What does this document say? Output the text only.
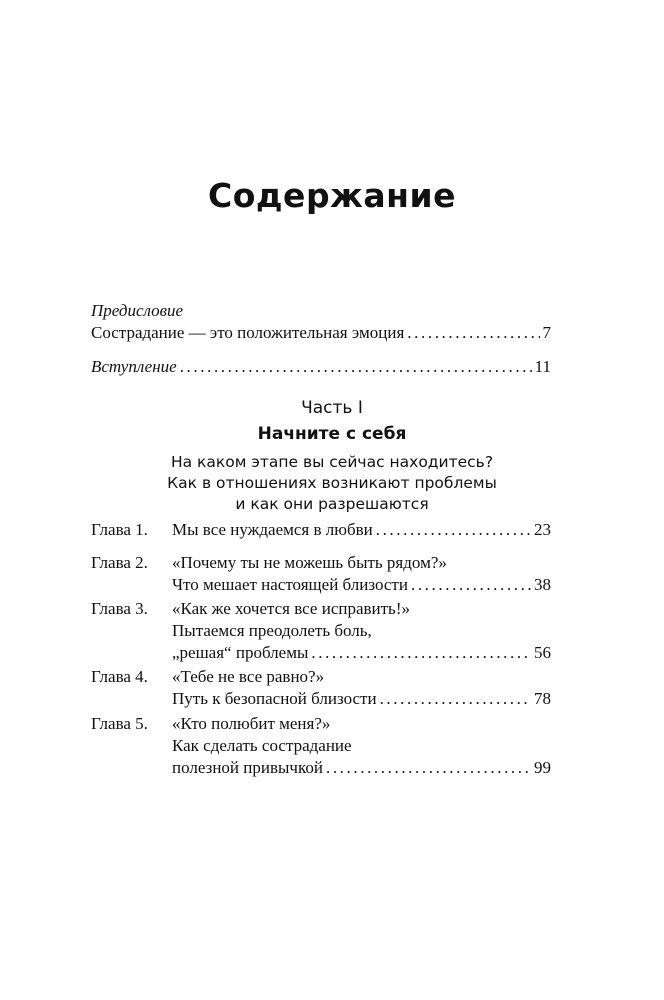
Содержание
Предисловие
Сострадание — это положительная эмоция .....	7
Вступление .....	11
Часть I
Начните с себя
На каком этапе вы сейчас находитесь?
Как в отношениях возникают проблемы
и как они разрешаются
Глава 1.	Мы все нуждаемся в любви .....	23
Глава 2.	«Почему ты не можешь быть рядом?»
Что мешает настоящей близости .....	38
Глава 3.	«Как же хочется все исправить!»
Пытаемся преодолеть боль,
„решая“ проблемы .....	56
Глава 4.	«Тебе не все равно?»
Путь к безопасной близости .....	78
Глава 5.	«Кто полюбит меня?»
Как сделать сострадание
полезной привычкой .....	99
